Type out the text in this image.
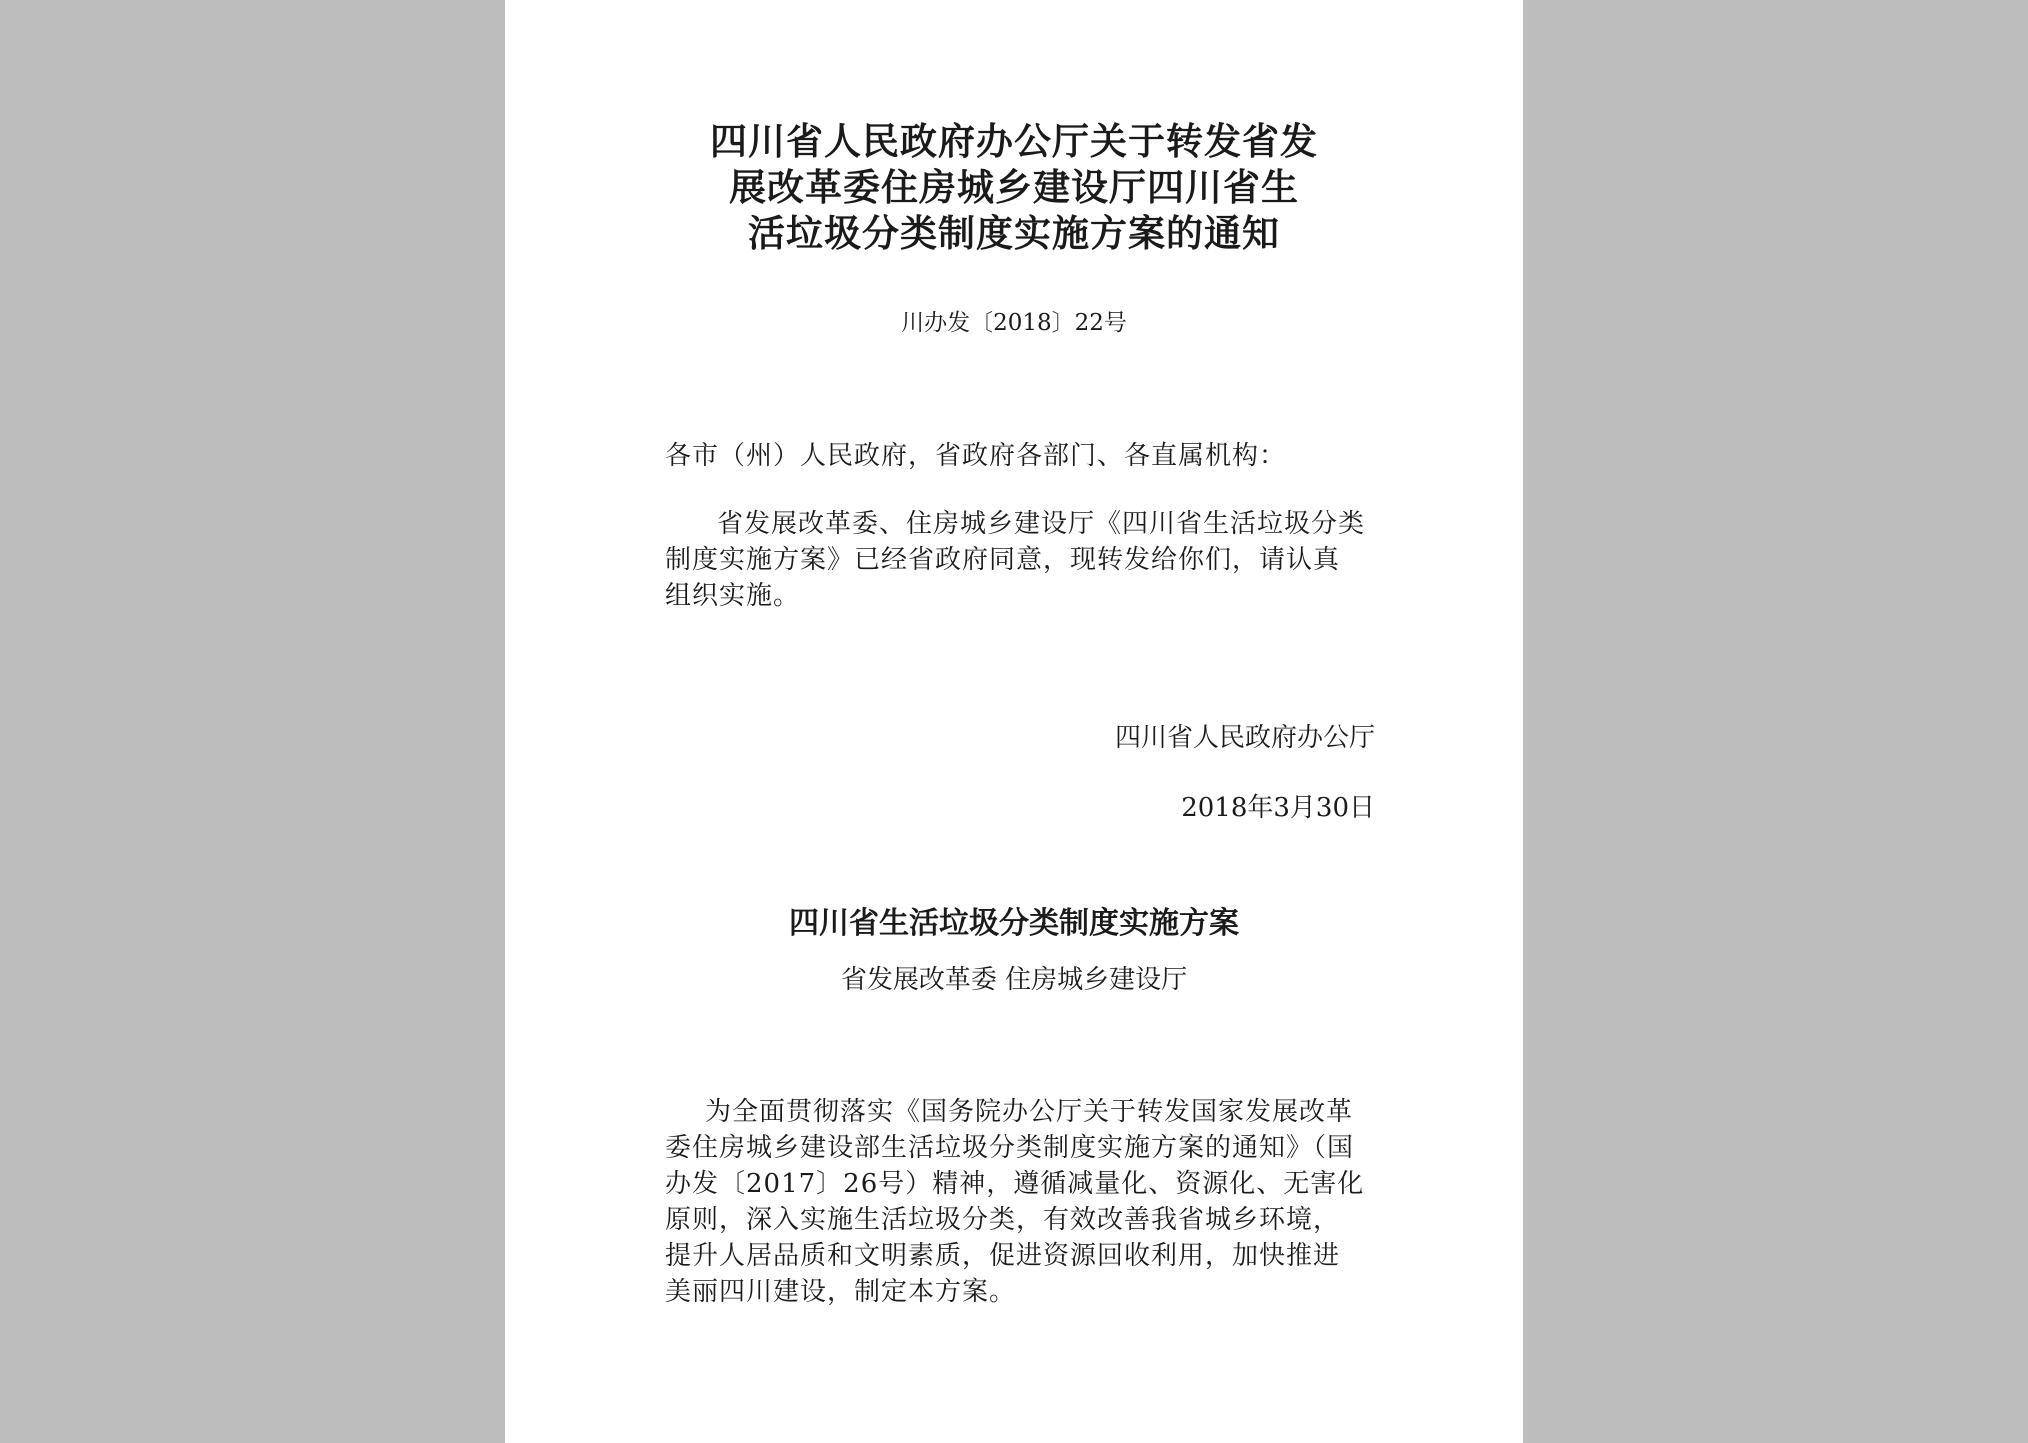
四川省人民政府办公厅关于转发省发
展改革委住房城乡建设厅四川省生
活垃圾分类制度实施方案的通知
川办发〔2018〕22号
各市（州）人民政府，省政府各部门、各直属机构：
省发展改革委、住房城乡建设厅《四川省生活垃圾分类制度实施方案》已经省政府同意，现转发给你们，请认真组织实施。
四川省人民政府办公厅
2018年3月30日
四川省生活垃圾分类制度实施方案
省发展改革委 住房城乡建设厅
为全面贯彻落实《国务院办公厅关于转发国家发展改革委住房城乡建设部生活垃圾分类制度实施方案的通知》（国办发〔2017〕26号）精神，遵循减量化、资源化、无害化原则，深入实施生活垃圾分类，有效改善我省城乡环境，提升人居品质和文明素质，促进资源回收利用，加快推进美丽四川建设，制定本方案。
